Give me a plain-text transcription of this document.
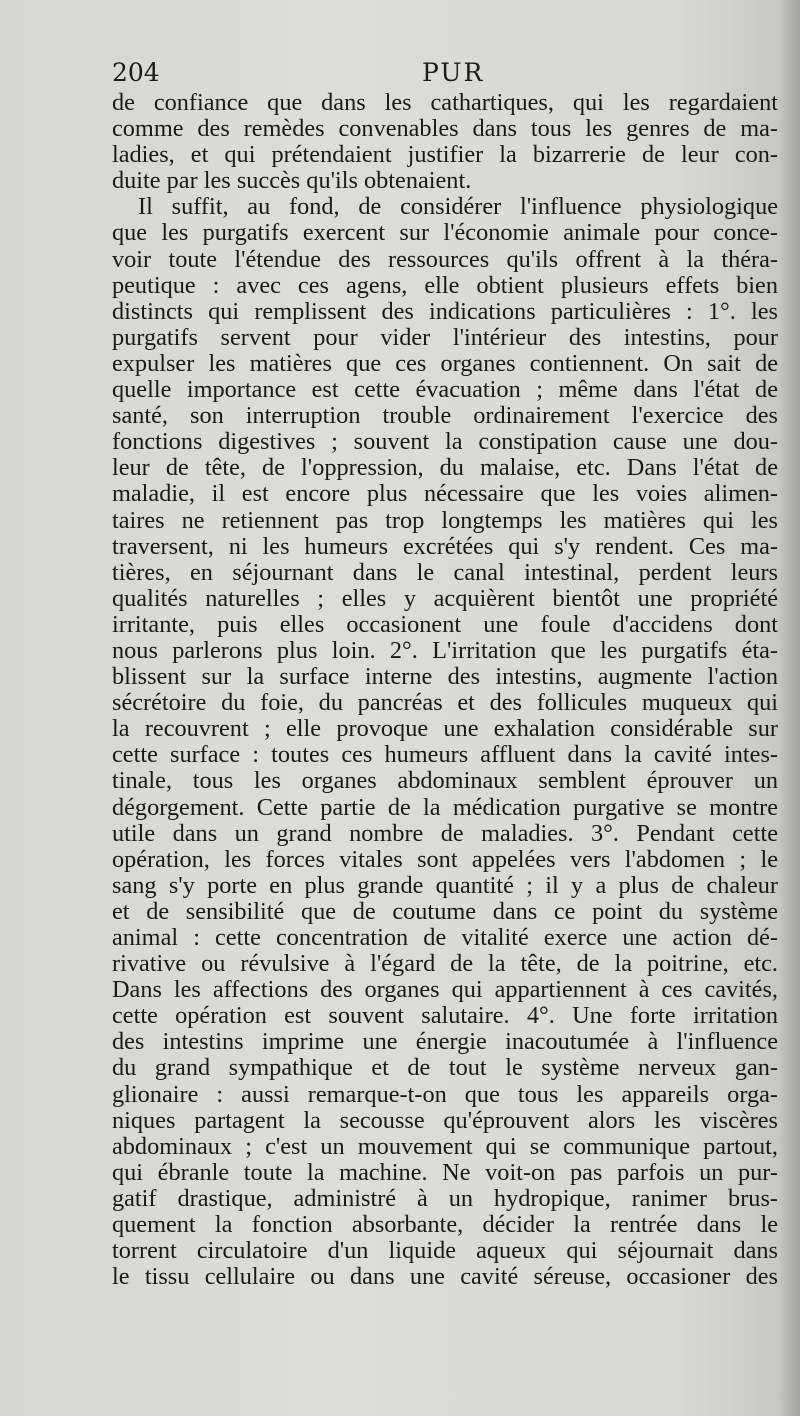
204	PUR
de confiance que dans les cathartiques, qui les regardaient
comme des remèdes convenables dans tous les genres de ma-
ladies, et qui prétendaient justifier la bizarrerie de leur con-
duite par les succès qu'ils obtenaient.
Il suffit, au fond, de considérer l'influence physiologique
que les purgatifs exercent sur l'économie animale pour conce-
voir toute l'étendue des ressources qu'ils offrent à la théra-
peutique : avec ces agens, elle obtient plusieurs effets bien
distincts qui remplissent des indications particulières : 1°. les
purgatifs servent pour vider l'intérieur des intestins, pour
expulser les matières que ces organes contiennent. On sait de
quelle importance est cette évacuation ; même dans l'état de
santé, son interruption trouble ordinairement l'exercice des
fonctions digestives ; souvent la constipation cause une dou-
leur de tête, de l'oppression, du malaise, etc. Dans l'état de
maladie, il est encore plus nécessaire que les voies alimen-
taires ne retiennent pas trop longtemps les matières qui les
traversent, ni les humeurs excrétées qui s'y rendent. Ces ma-
tières, en séjournant dans le canal intestinal, perdent leurs
qualités naturelles ; elles y acquièrent bientôt une propriété
irritante, puis elles occasionent une foule d'accidens dont
nous parlerons plus loin. 2°. L'irritation que les purgatifs éta-
blissent sur la surface interne des intestins, augmente l'action
sécrétoire du foie, du pancréas et des follicules muqueux qui
la recouvrent ; elle provoque une exhalation considérable sur
cette surface : toutes ces humeurs affluent dans la cavité intes-
tinale, tous les organes abdominaux semblent éprouver un
dégorgement. Cette partie de la médication purgative se montre
utile dans un grand nombre de maladies. 3°. Pendant cette
opération, les forces vitales sont appelées vers l'abdomen ; le
sang s'y porte en plus grande quantité ; il y a plus de chaleur
et de sensibilité que de coutume dans ce point du système
animal : cette concentration de vitalité exerce une action dé-
rivative ou révulsive à l'égard de la tête, de la poitrine, etc.
Dans les affections des organes qui appartiennent à ces cavités,
cette opération est souvent salutaire. 4°. Une forte irritation
des intestins imprime une énergie inacoutumée à l'influence
du grand sympathique et de tout le système nerveux gan-
glionaire : aussi remarque-t-on que tous les appareils orga-
niques partagent la secousse qu'éprouvent alors les viscères
abdominaux ; c'est un mouvement qui se communique partout,
qui ébranle toute la machine. Ne voit-on pas parfois un pur-
gatif drastique, administré à un hydropique, ranimer brus-
quement la fonction absorbante, décider la rentrée dans le
torrent circulatoire d'un liquide aqueux qui séjournait dans
le tissu cellulaire ou dans une cavité séreuse, occasioner des
